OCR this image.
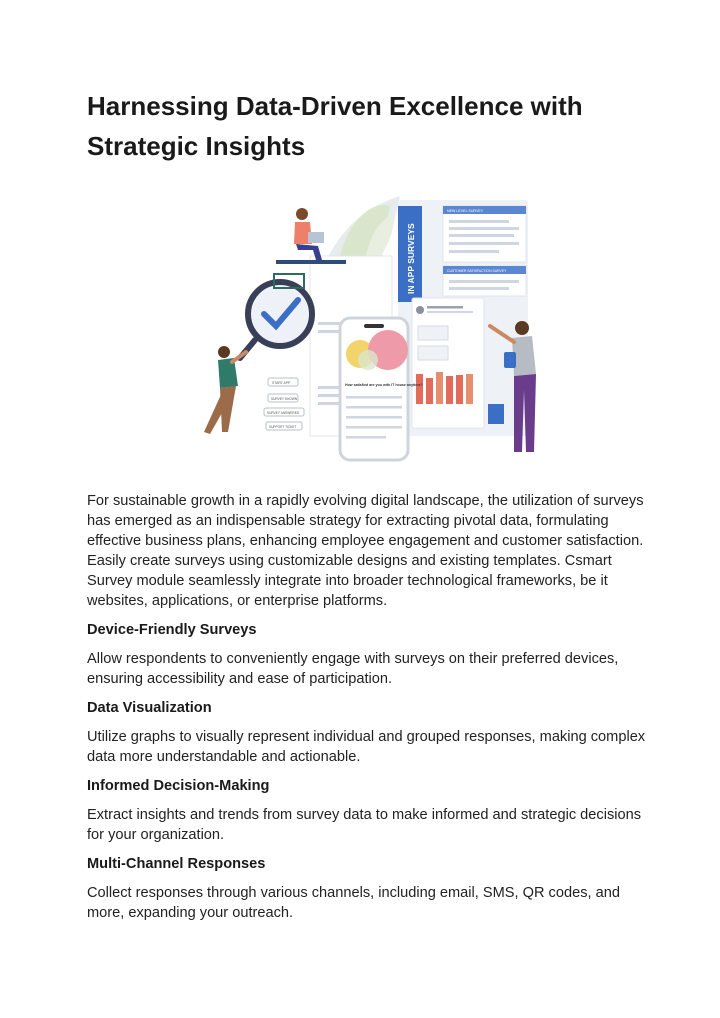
Harnessing Data-Driven Excellence with Strategic Insights
IN APP SURVEYS
NEW LEVEL SURVEY
CUSTOMER SATISFACTION SURVEY
START APP
SURVEY SHOWN
SURVEY ANSWERED
SUPPORT TICKET
How satisfied are you with IT house anytime?

For sustainable growth in a rapidly evolving digital landscape, the utilization of surveys has emerged as an indispensable strategy for extracting pivotal data, formulating effective business plans, enhancing employee engagement and customer satisfaction. Easily create surveys using customizable designs and existing templates. Csmart Survey module seamlessly integrate into broader technological frameworks, be it websites, applications, or enterprise platforms.

Device-Friendly Surveys

Allow respondents to conveniently engage with surveys on their preferred devices, ensuring accessibility and ease of participation.

Data Visualization

Utilize graphs to visually represent individual and grouped responses, making complex data more understandable and actionable.

Informed Decision-Making

Extract insights and trends from survey data to make informed and strategic decisions for your organization.

Multi-Channel Responses

Collect responses through various channels, including email, SMS, QR codes, and more, expanding your outreach.
